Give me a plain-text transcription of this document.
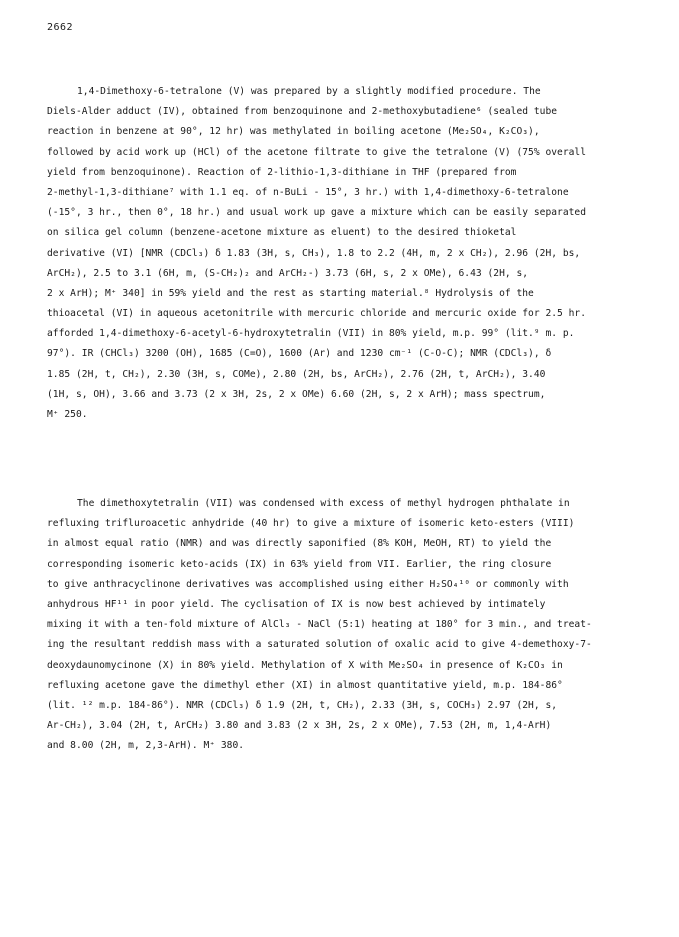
2662
1,4-Dimethoxy-6-tetralone (V) was prepared by a slightly modified procedure. The
Diels-Alder adduct (IV), obtained from benzoquinone and 2-methoxybutadiene⁶ (sealed tube
reaction in benzene at 90°, 12 hr) was methylated in boiling acetone (Me₂SO₄, K₂CO₃),
followed by acid work up (HCl) of the acetone filtrate to give the tetralone (V) (75% overall
yield from benzoquinone). Reaction of 2-lithio-1,3-dithiane in THF (prepared from
2-methyl-1,3-dithiane⁷ with 1.1 eq. of n-BuLi - 15°, 3 hr.) with 1,4-dimethoxy-6-tetralone
(-15°, 3 hr., then 0°, 18 hr.) and usual work up gave a mixture which can be easily separated
on silica gel column (benzene-acetone mixture as eluent) to the desired thioketal
derivative (VI) [NMR (CDCl₃) δ 1.83 (3H, s, CH₃), 1.8 to 2.2 (4H, m, 2 x CH₂), 2.96 (2H, bs,
ArCH₂), 2.5 to 3.1 (6H, m, (S-CH₂)₂ and ArCH₂-) 3.73 (6H, s, 2 x OMe), 6.43 (2H, s,
2 x ArH); M⁺ 340] in 59% yield and the rest as starting material.⁸ Hydrolysis of the
thioacetal (VI) in aqueous acetonitrile with mercuric chloride and mercuric oxide for 2.5 hr.
afforded 1,4-dimethoxy-6-acetyl-6-hydroxytetralin (VII) in 80% yield, m.p. 99° (lit.⁹ m. p.
97°). IR (CHCl₃) 3200 (OH), 1685 (C=O), 1600 (Ar) and 1230 cm⁻¹ (C-O-C); NMR (CDCl₃), δ
1.85 (2H, t, CH₂), 2.30 (3H, s, COMe), 2.80 (2H, bs, ArCH₂), 2.76 (2H, t, ArCH₂), 3.40
(1H, s, OH), 3.66 and 3.73 (2 x 3H, 2s, 2 x OMe) 6.60 (2H, s, 2 x ArH); mass spectrum,
M⁺ 250.
The dimethoxytetralin (VII) was condensed with excess of methyl hydrogen phthalate in
refluxing trifluroacetic anhydride (40 hr) to give a mixture of isomeric keto-esters (VIII)
in almost equal ratio (NMR) and was directly saponified (8% KOH, MeOH, RT) to yield the
corresponding isomeric keto-acids (IX) in 63% yield from VII. Earlier, the ring closure
to give anthracyclinone derivatives was accomplished using either H₂SO₄¹⁰ or commonly with
anhydrous HF¹¹ in poor yield. The cyclisation of IX is now best achieved by intimately
mixing it with a ten-fold mixture of AlCl₃ - NaCl (5:1) heating at 180° for 3 min., and treat-
ing the resultant reddish mass with a saturated solution of oxalic acid to give 4-demethoxy-7-
deoxydaunomycinone (X) in 80% yield. Methylation of X with Me₂SO₄ in presence of K₂CO₃ in
refluxing acetone gave the dimethyl ether (XI) in almost quantitative yield, m.p. 184-86°
(lit. ¹² m.p. 184-86°). NMR (CDCl₃) δ 1.9 (2H, t, CH₂), 2.33 (3H, s, COCH₃) 2.97 (2H, s,
Ar-CH₂), 3.04 (2H, t, ArCH₂) 3.80 and 3.83 (2 x 3H, 2s, 2 x OMe), 7.53 (2H, m, 1,4-ArH)
and 8.00 (2H, m, 2,3-ArH). M⁺ 380.
